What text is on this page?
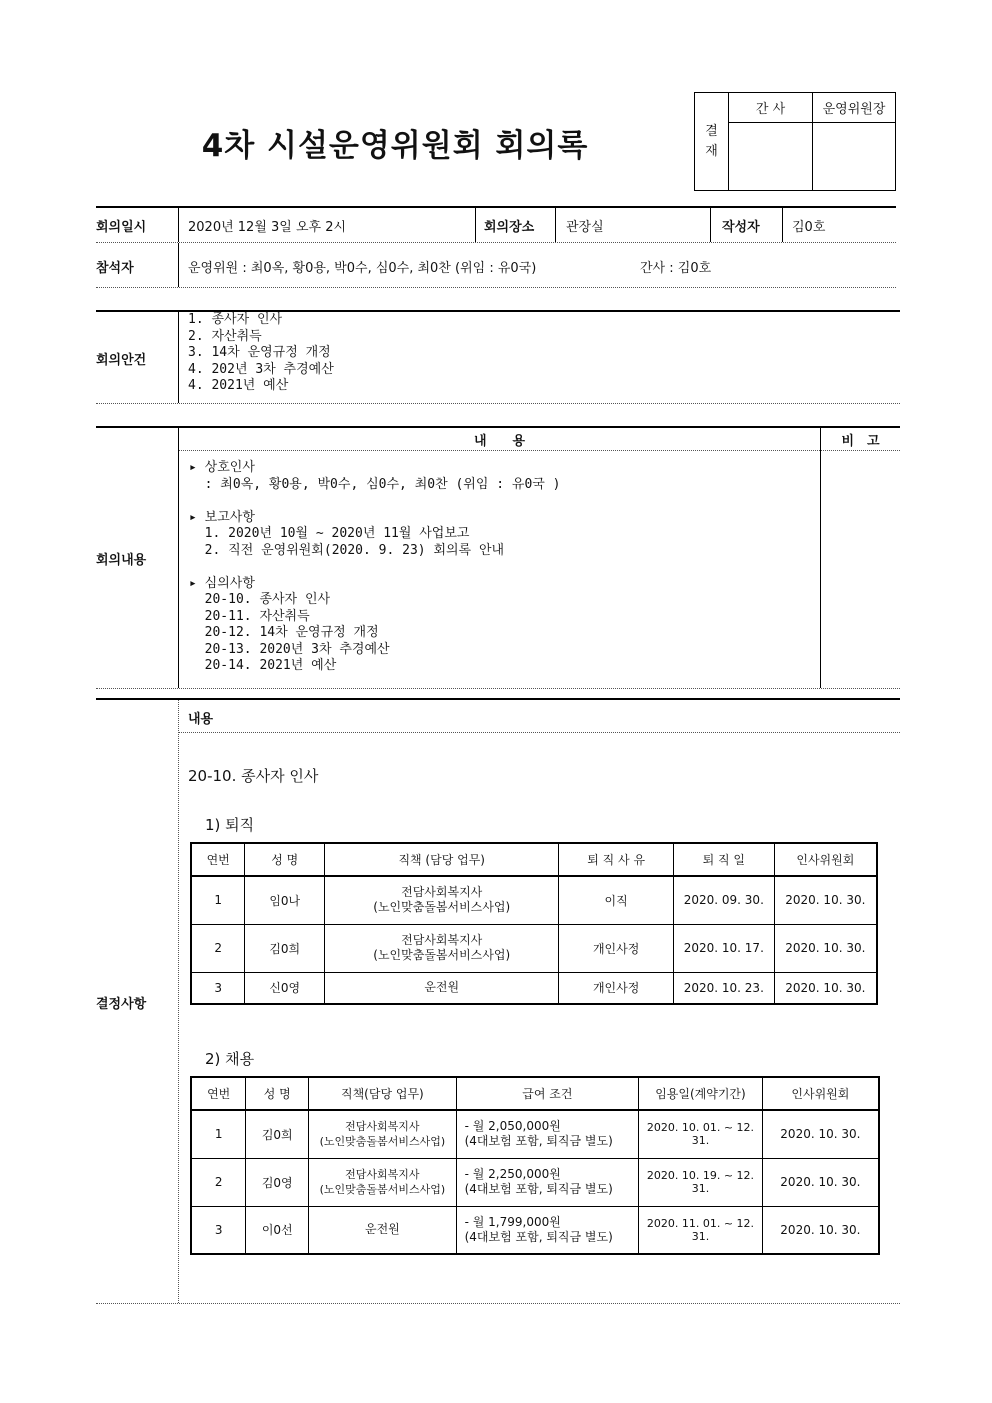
4차 시설운영위원회 회의록	결
재
간 사	운영위원장
회의일시	2020년 12월 3일 오후 2시	회의장소 관장실	작성자 김0호
참석자	운영위원 : 최0옥, 황0용, 박0수, 심0수, 최0찬 (위임 : 유0국)	간사 : 김0호
회의안건
1. 종사자 인사
2. 자산취득
3. 14차 운영규정 개정
4. 202년 3차 추경예산
4. 2021년 예산
내　　용	비　고
회의내용
▸ 상호인사
: 최0옥, 황0용, 박0수, 심0수, 최0찬 (위임 : 유0국 )

▸ 보고사항
1. 2020년 10월 ~ 2020년 11월 사업보고
2. 직전 운영위원회(2020. 9. 23) 회의록 안내

▸ 심의사항
20-10. 종사자 인사
20-11. 자산취득
20-12. 14차 운영규정 개정
20-13. 2020년 3차 추경예산
20-14. 2021년 예산
내용
결정사항
20-10. 종사자 인사
1) 퇴직
연번	성 명	직책 (담당 업무)	퇴 직 사 유	퇴 직 일	인사위원회
1	임0나	전담사회복지사
(노인맞춤돌봄서비스사업)	이직	2020. 09. 30.	2020. 10. 30.
2	김0희	전담사회복지사
(노인맞춤돌봄서비스사업)	개인사정	2020. 10. 17.	2020. 10. 30.
3	신0영	운전원	개인사정	2020. 10. 23.	2020. 10. 30.
2) 채용
연번	성 명	직책(담당 업무)	급여 조건	임용일(계약기간)	인사위원회
1	김0희	전담사회복지사
(노인맞춤돌봄서비스사업)	- 월 2,050,000원
(4대보험 포함, 퇴직금 별도)	2020. 10. 01. ~ 12. 31.	2020. 10. 30.
2	김0영	전담사회복지사
(노인맞춤돌봄서비스사업)	- 월 2,250,000원
(4대보험 포함, 퇴직금 별도)	2020. 10. 19. ~ 12. 31.	2020. 10. 30.
3	이0선	운전원	- 월 1,799,000원
(4대보험 포함, 퇴직금 별도)	2020. 11. 01. ~ 12. 31.	2020. 10. 30.
